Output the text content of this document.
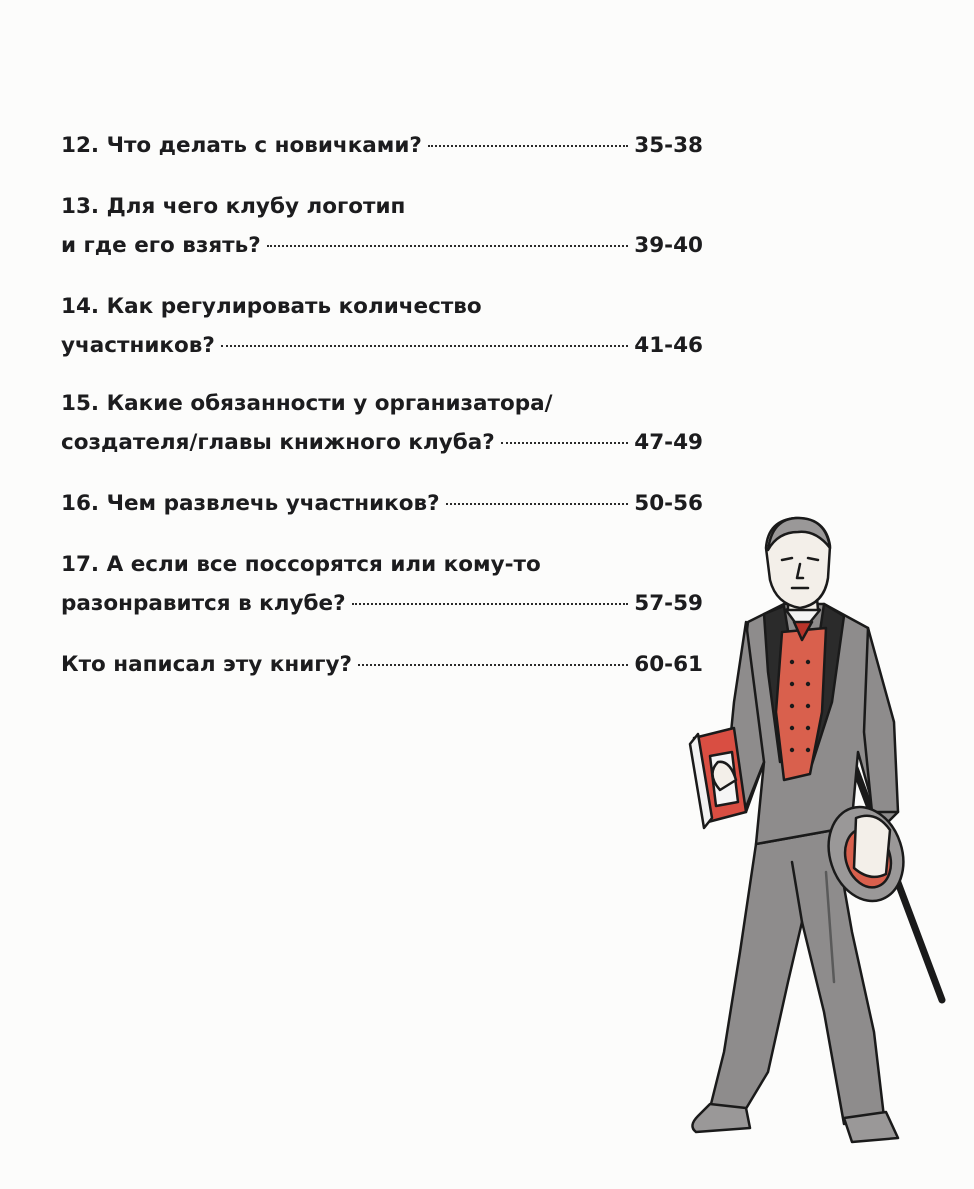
12. Что делать с новичками?	35-38
13. Для чего клубу логотип
и где его взять?	39-40
14. Как регулировать количество
участников?	41-46
15. Какие обязанности у организатора/
создателя/главы книжного клуба?	47-49
16. Чем развлечь участников?	50-56
17. А если все поссорятся или кому-то
разонравится в клубе?	57-59
Кто написал эту книгу?	60-61
